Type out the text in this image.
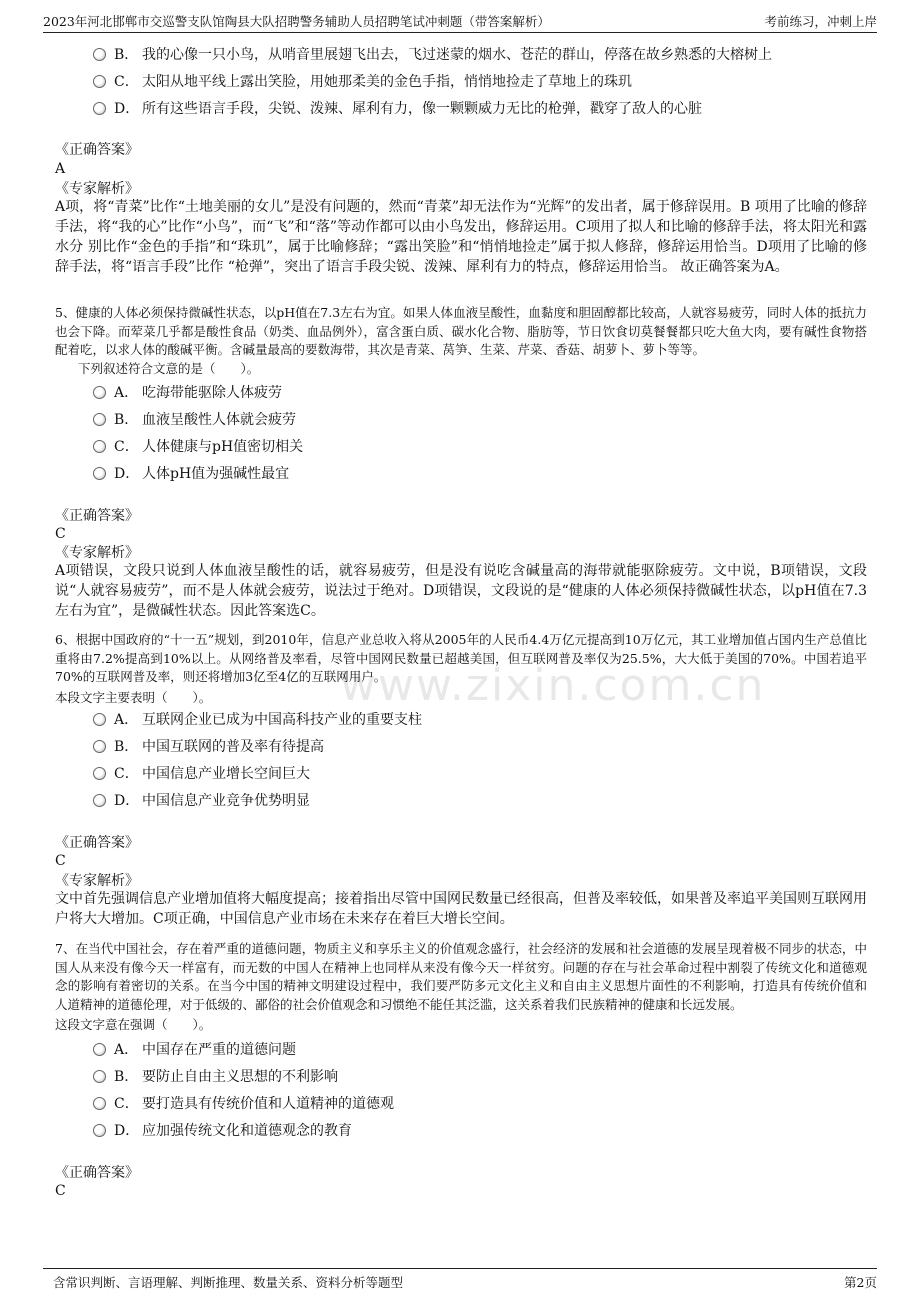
2023年河北邯郸市交巡警支队馆陶县大队招聘警务辅助人员招聘笔试冲刺题（带答案解析）	考前练习，冲刺上岸
www.zixin.com.cn
B． 我的心像一只小鸟，从哨音里展翅飞出去，飞过迷蒙的烟水、苍茫的群山，停落在故乡熟悉的大榕树上
C． 太阳从地平线上露出笑脸，用她那柔美的金色手指，悄悄地捡走了草地上的珠玑
D． 所有这些语言手段，尖锐、泼辣、犀利有力，像一颗颗威力无比的枪弹，戳穿了敌人的心脏
《正确答案》
A
《专家解析》
A项，将“青菜”比作“土地美丽的女儿”是没有问题的，然而“青菜”却无法作为“光辉”的发出者，属于修辞误用。B 项用了比喻的修辞手法，将“我的心”比作“小鸟”，而“飞”和“落”等动作都可以由小鸟发出，修辞运用。C项用了拟人和比喻的修辞手法，将太阳光和露水分 别比作“金色的手指”和“珠玑”，属于比喻修辞；“露出笑脸”和“悄悄地捡走”属于拟人修辞，修辞运用恰当。D项用了比喻的修辞手法，将“语言手段”比作 “枪弹”，突出了语言手段尖锐、泼辣、犀利有力的特点，修辞运用恰当。 故正确答案为A。
5、健康的人体必须保持微碱性状态，以pH值在7.3左右为宜。如果人体血液呈酸性，血黏度和胆固醇都比较高，人就容易疲劳，同时人体的抵抗力也会下降。而荤菜几乎都是酸性食品（奶类、血品例外），富含蛋白质、碳水化合物、脂肪等，节日饮食切莫餐餐都只吃大鱼大肉，要有碱性食物搭配着吃，以求人体的酸碱平衡。含碱量最高的要数海带，其次是青菜、莴笋、生菜、芹菜、香菇、胡萝卜、萝卜等等。
下列叙述符合文意的是（　　）。
A． 吃海带能驱除人体疲劳
B． 血液呈酸性人体就会疲劳
C． 人体健康与pH值密切相关
D． 人体pH值为强碱性最宜
《正确答案》
C
《专家解析》
A项错误，文段只说到人体血液呈酸性的话，就容易疲劳，但是没有说吃含碱量高的海带就能驱除疲劳。文中说，B项错误，文段说“人就容易疲劳”，而不是人体就会疲劳，说法过于绝对。D项错误，文段说的是“健康的人体必须保持微碱性状态，以pH值在7.3左右为宜”，是微碱性状态。因此答案选C。
6、根据中国政府的“十一五”规划，到2010年，信息产业总收入将从2005年的人民币4.4万亿元提高到10万亿元，其工业增加值占国内生产总值比重将由7.2%提高到10%以上。从网络普及率看，尽管中国网民数量已超越美国，但互联网普及率仅为25.5%，大大低于美国的70%。中国若追平70%的互联网普及率，则还将增加3亿至4亿的互联网用户。
本段文字主要表明（　　）。
A． 互联网企业已成为中国高科技产业的重要支柱
B． 中国互联网的普及率有待提高
C． 中国信息产业增长空间巨大
D． 中国信息产业竞争优势明显
《正确答案》
C
《专家解析》
文中首先强调信息产业增加值将大幅度提高；接着指出尽管中国网民数量已经很高，但普及率较低，如果普及率追平美国则互联网用户将大大增加。C项正确，中国信息产业市场在未来存在着巨大增长空间。
7、在当代中国社会，存在着严重的道德问题，物质主义和享乐主义的价值观念盛行，社会经济的发展和社会道德的发展呈现着极不同步的状态，中国人从来没有像今天一样富有，而无数的中国人在精神上也同样从来没有像今天一样贫穷。问题的存在与社会革命过程中割裂了传统文化和道德观念的影响有着密切的关系。在当今中国的精神文明建设过程中，我们要严防多元文化主义和自由主义思想片面性的不利影响，打造具有传统价值和人道精神的道德伦理，对于低级的、鄙俗的社会价值观念和习惯绝不能任其泛滥，这关系着我们民族精神的健康和长远发展。
这段文字意在强调（　　）。
A． 中国存在严重的道德问题
B． 要防止自由主义思想的不利影响
C． 要打造具有传统价值和人道精神的道德观
D． 应加强传统文化和道德观念的教育
《正确答案》
C
含常识判断、言语理解、判断推理、数量关系、资料分析等题型	第2页
